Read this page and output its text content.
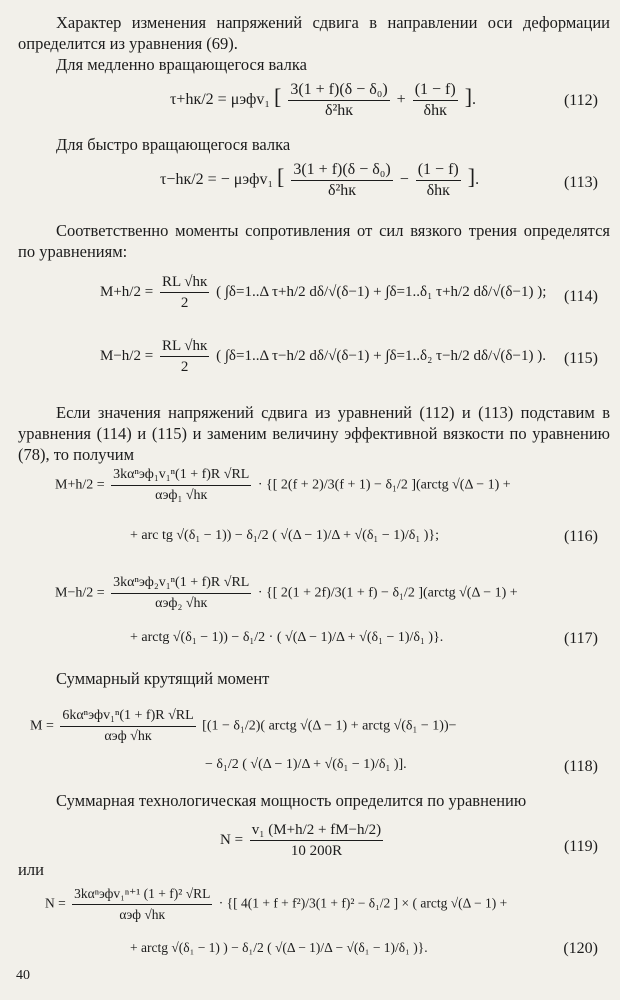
Характер изменения напряжений сдвига в направлении оси деформации определится из уравнения (69).
Для медленно вращающегося валка
τ+hк/2 = μэфv₁ [ $\frac{\text{3(1 + f)(δ − δ₀)}}{\text{δ²hк}} + \frac{(1 - f)}{\text{δhк}}$ ].	(112)
Для быстро вращающегося валка
τ−hк/2 = − μэфv₁ [ $\frac{\text{3(1 + f)(δ − δ₀)}}{\text{δ²hк}} - \frac{(1 - f)}{\text{δhк}}$ ].	(113)
Соответственно моменты сопротивления от сил вязкого трения определятся по уравнениям:
$M+h/2 = \frac{RL √hк}{2}$ ( ∫δ=1..Δ τ+h/2 dδ/√(δ−1) + ∫δ=1..δ₁ τ+h/2 dδ/√(δ−1) ); (114)
$M-h/2 = \frac{RL √hк}{2}$ ( ∫δ=1..Δ τ−h/2 dδ/√(δ−1) + ∫δ=1..δ₂ τ−h/2 dδ/√(δ−1) ). (115)
Если значения напряжений сдвига из уравнений (112) и (113) подставим в уравнения (114) и (115) и заменим величину эффективной вязкости по уравнению (78), то получим
$M+h/2 = \frac{\text{3kαⁿэф₁v₁ⁿ(1 + f)R √RL}}{\text{αэф₁ √hк}}$ · {[ 2(f + 2)/3(f + 1) − δ₁/2 ](arctg √(Δ − 1) +
+ arc tg √(δ₁ − 1)) − δ₁/2 ( √(Δ − 1)/Δ + √(δ₁ − 1)/δ₁ )};	(116)
$M-h/2 = \frac{\text{3kαⁿэф₂v₁ⁿ(1 + f)R √RL}}{\text{αэф₂ √hк}}$ · {[ 2(1 + 2f)/3(1 + f) − δ₁/2 ](arctg √(Δ − 1) +
+ arctg √(δ₁ − 1)) − δ₁/2 · ( √(Δ − 1)/Δ + √(δ₁ − 1)/δ₁ )}.	(117)
Суммарный крутящий момент
$M = \frac{\text{6kαⁿэфv₁ⁿ(1 + f)R √RL}}{\text{αэф √hк}} [(1 - \delta_1/2)$( arctg √(Δ − 1) + arctg √(δ₁ − 1))−
− δ₁/2 ( √(Δ − 1)/Δ + √(δ₁ − 1)/δ₁ )].	(118)
Суммарная технологическая мощность определится по уравнению
$N = \frac{\text{v₁ (M+h/2 + fM−h/2)}}{10 200R}$	(119)
или
$N = \frac{\text{3kαⁿэфv₁ⁿ⁺¹ (1 + f)² √RL}}{\text{αэф √hк}}$ · {[ 4(1 + f + f²)/3(1 + f)² − δ₁/2 ] × ( arctg √(Δ − 1) +
+ arctg √(δ₁ − 1) ) − δ₁/2 ( √(Δ − 1)/Δ − √(δ₁ − 1)/δ₁ )}.	(120)
40
